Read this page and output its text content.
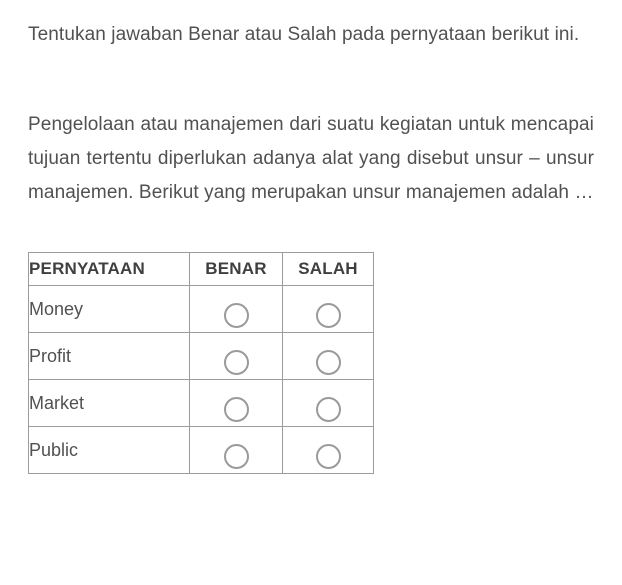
Tentukan jawaban Benar atau Salah pada pernyataan berikut ini.

Pengelolaan atau manajemen dari suatu kegiatan untuk mencapai tujuan tertentu diperlukan adanya alat yang disebut unsur – unsur manajemen. Berikut yang merupakan unsur manajemen adalah …

PERNYATAAN	BENAR	SALAH
Money		
Profit		
Market		
Public		
